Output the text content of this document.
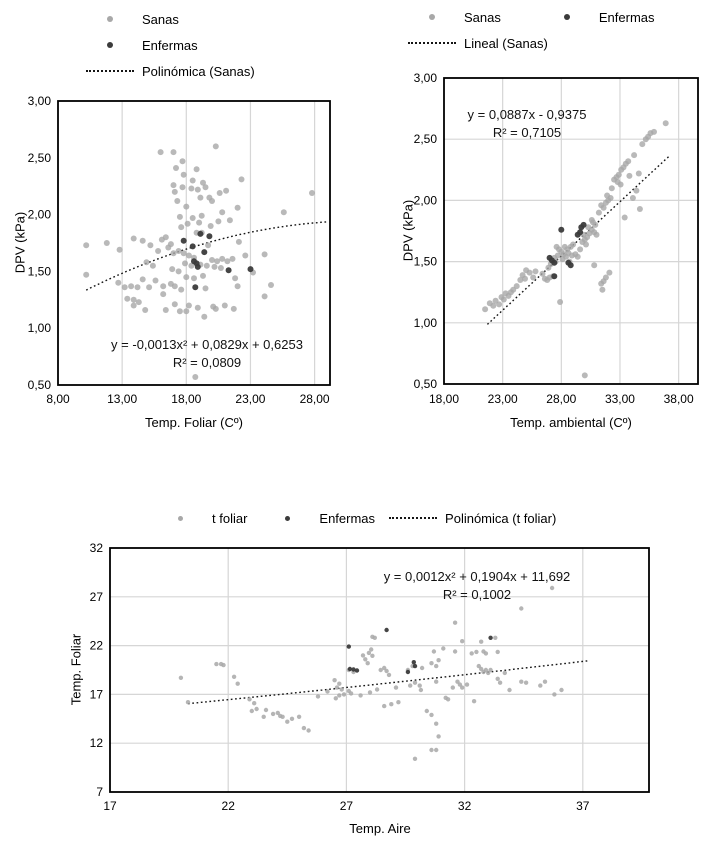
8,00	13,00	18,00	23,00	28,00
0,50
1,00
1,50
2,00
2,50
3,00
18,00 23,00 28,00 33,00 38,00
0,50
1,00
1,50
2,00
2,50
3,00
17	22	27	32	37
7
12
17
22
27
32
Sanas
Enfermas
Polinómica (Sanas)
y = -0,0013x² + 0,0829x + 0,6253
R² = 0,0809
Temp. Foliar (Cº)
DPV (kPa)
Sanas	Enfermas
Lineal (Sanas)
y = 0,0887x - 0,9375
R² = 0,7105
Temp. ambiental (Cº)
DPV (kPa)
t foliar	Enfermas	Polinómica (t foliar)
y = 0,0012x² + 0,1904x + 11,692
R² = 0,1002
Temp. Aire
Temp. Foliar
